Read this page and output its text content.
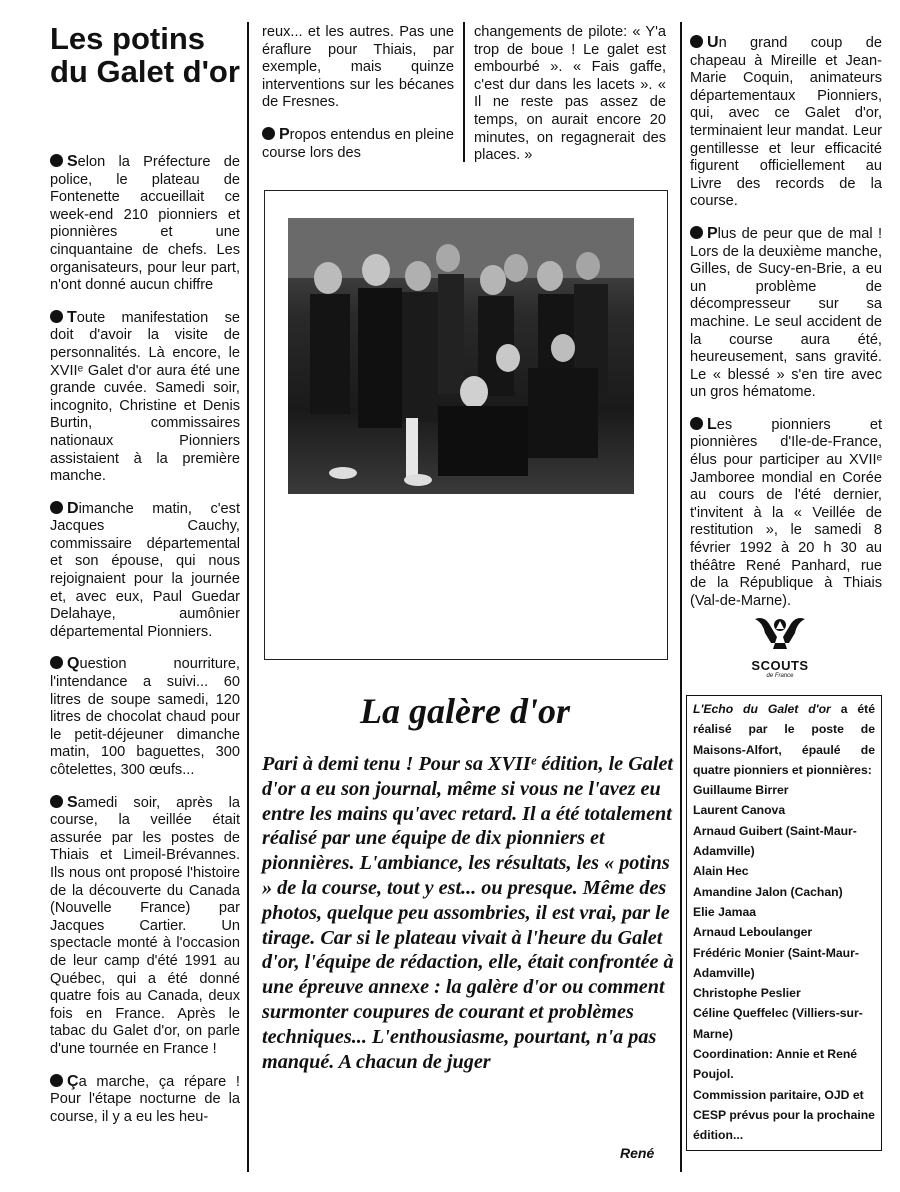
Les potins du Galet d'or

Selon la Préfecture de police, le plateau de Fontenette accueillait ce week-end 210 pionniers et pionnières et une cinquantaine de chefs. Les organisateurs, pour leur part, n'ont donné aucun chiffre

Toute manifestation se doit d'avoir la visite de personnalités. Là encore, le XVIIᵉ Galet d'or aura été une grande cuvée. Samedi soir, incognito, Christine et Denis Burtin, commissaires nationaux Pionniers assistaient à la première manche.

Dimanche matin, c'est Jacques Cauchy, commissaire départemental et son épouse, qui nous rejoignaient pour la journée et, avec eux, Paul Guedar Delahaye, aumônier départemental Pionniers.

Question nourriture, l'intendance a suivi... 60 litres de soupe samedi, 120 litres de chocolat chaud pour le petit-déjeuner dimanche matin, 100 baguettes, 300 côtelettes, 300 œufs...

Samedi soir, après la course, la veillée était assurée par les postes de Thiais et Limeil-Brévannes. Ils nous ont proposé l'histoire de la découverte du Canada (Nouvelle France) par Jacques Cartier. Un spectacle monté à l'occasion de leur camp d'été 1991 au Québec, qui a été donné quatre fois au Canada, deux fois en France. Après le tabac du Galet d'or, on parle d'une tournée en France !

Ça marche, ça répare ! Pour l'étape nocturne de la course, il y a eu les heu-

reux... et les autres. Pas une éraflure pour Thiais, par exemple, mais quinze interventions sur les bécanes de Fresnes.

Propos entendus en pleine course lors des

changements de pilote: « Y'a trop de boue ! Le galet est embourbé ». « Fais gaffe, c'est dur dans les lacets ». « Il ne reste pas assez de temps, on aurait encore 20 minutes, on regagnerait des places. »

Un grand coup de chapeau à Mireille et Jean-Marie Coquin, animateurs départementaux Pionniers, qui, avec ce Galet d'or, terminaient leur mandat. Leur gentillesse et leur efficacité figurent officiellement au Livre des records de la course.

Plus de peur que de mal ! Lors de la deuxième manche, Gilles, de Sucy-en-Brie, a eu un problème de décompresseur sur sa machine. Le seul accident de la course aura été, heureusement, sans gravité. Le « blessé » s'en tire avec un gros hématome.

Les pionniers et pionnières d'Ile-de-France, élus pour participer au XVIIᵉ Jamboree mondial en Corée au cours de l'été dernier, t'invitent à la « Veillée de restitution », le samedi 8 février 1992 à 20 h 30 au théâtre René Panhard, rue de la République à Thiais (Val-de-Marne).

La galère d'or
Pari à demi tenu ! Pour sa XVIIᵉ édition, le Galet d'or a eu son journal, même si vous ne l'avez eu entre les mains qu'avec retard. Il a été totalement réalisé par une équipe de dix pionniers et pionnières. L'ambiance, les résultats, les « potins » de la course, tout y est... ou presque. Même des photos, quelque peu assombries, il est vrai, par le tirage. Car si le plateau vivait à l'heure du Galet d'or, l'équipe de rédaction, elle, était confrontée à une épreuve annexe : la galère d'or ou comment surmonter coupures de courant et problèmes techniques... L'enthousiasme, pourtant, n'a pas manqué. A chacun de juger
René
SCOUTS
de France
L'Echo du Galet d'or a été réalisé par le poste de Maisons-Alfort, épaulé de quatre pionniers et pionnières:
Guillaume Birrer
Laurent Canova
Arnaud Guibert (Saint-Maur-Adamville)
Alain Hec
Amandine Jalon (Cachan)
Elie Jamaa
Arnaud Leboulanger
Frédéric Monier (Saint-Maur-Adamville)
Christophe Peslier
Céline Queffelec (Villiers-sur-Marne)
Coordination: Annie et René Poujol.
Commission paritaire, OJD et CESP prévus pour la prochaine édition...
